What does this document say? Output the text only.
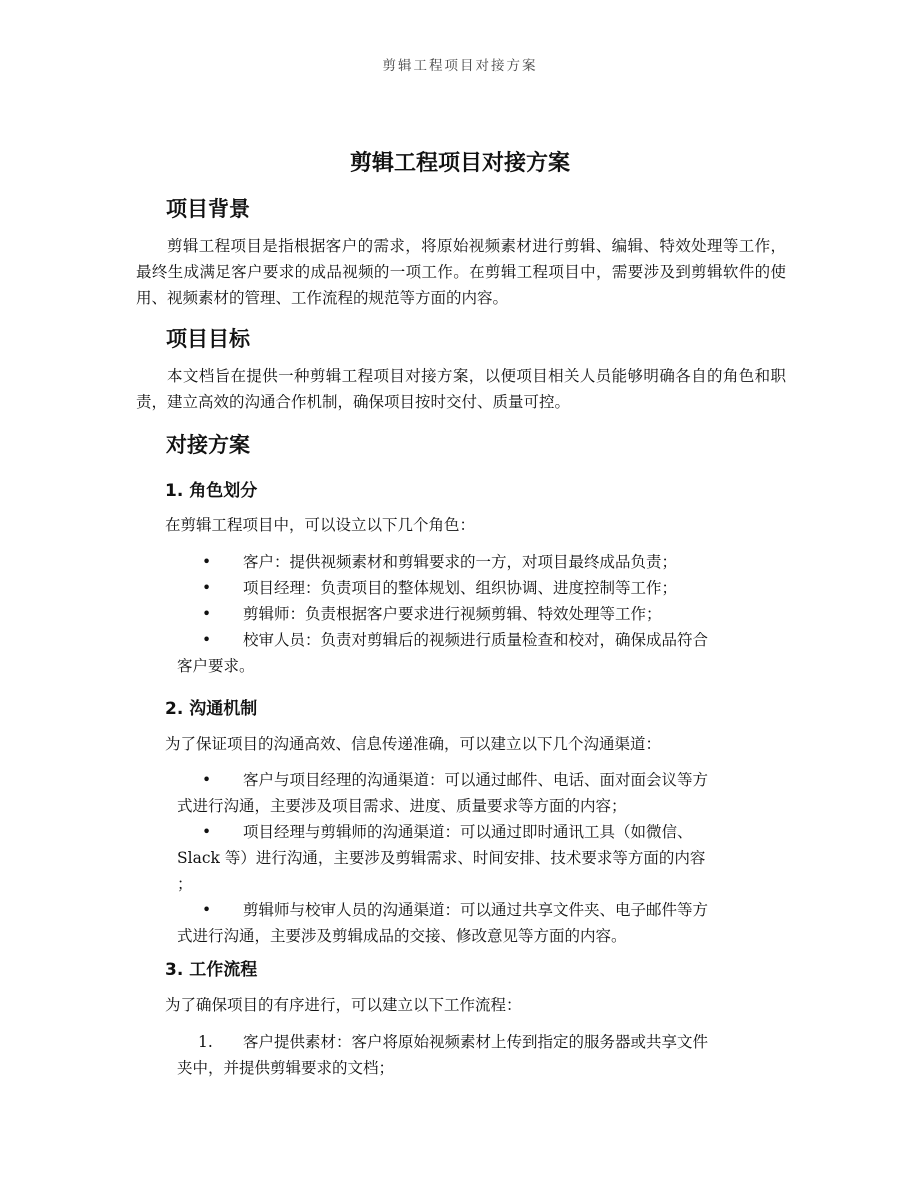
剪辑工程项目对接方案
剪辑工程项目对接方案
项目背景
剪辑工程项目是指根据客户的需求，将原始视频素材进行剪辑、编辑、特效处理等工作，最终生成满足客户要求的成品视频的一项工作。在剪辑工程项目中，需要涉及到剪辑软件的使用、视频素材的管理、工作流程的规范等方面的内容。
项目目标
本文档旨在提供一种剪辑工程项目对接方案，以便项目相关人员能够明确各自的角色和职责，建立高效的沟通合作机制，确保项目按时交付、质量可控。
对接方案
1. 角色划分
在剪辑工程项目中，可以设立以下几个角色：
• 客户：提供视频素材和剪辑要求的一方，对项目最终成品负责；
• 项目经理：负责项目的整体规划、组织协调、进度控制等工作；
• 剪辑师：负责根据客户要求进行视频剪辑、特效处理等工作；
• 校审人员：负责对剪辑后的视频进行质量检查和校对，确保成品符合
客户要求。
2. 沟通机制
为了保证项目的沟通高效、信息传递准确，可以建立以下几个沟通渠道：
• 客户与项目经理的沟通渠道：可以通过邮件、电话、面对面会议等方
式进行沟通，主要涉及项目需求、进度、质量要求等方面的内容；
• 项目经理与剪辑师的沟通渠道：可以通过即时通讯工具（如微信、
Slack 等）进行沟通，主要涉及剪辑需求、时间安排、技术要求等方面的内容
；
• 剪辑师与校审人员的沟通渠道：可以通过共享文件夹、电子邮件等方
式进行沟通，主要涉及剪辑成品的交接、修改意见等方面的内容。
3. 工作流程
为了确保项目的有序进行，可以建立以下工作流程：
1. 客户提供素材：客户将原始视频素材上传到指定的服务器或共享文件
夹中，并提供剪辑要求的文档；
